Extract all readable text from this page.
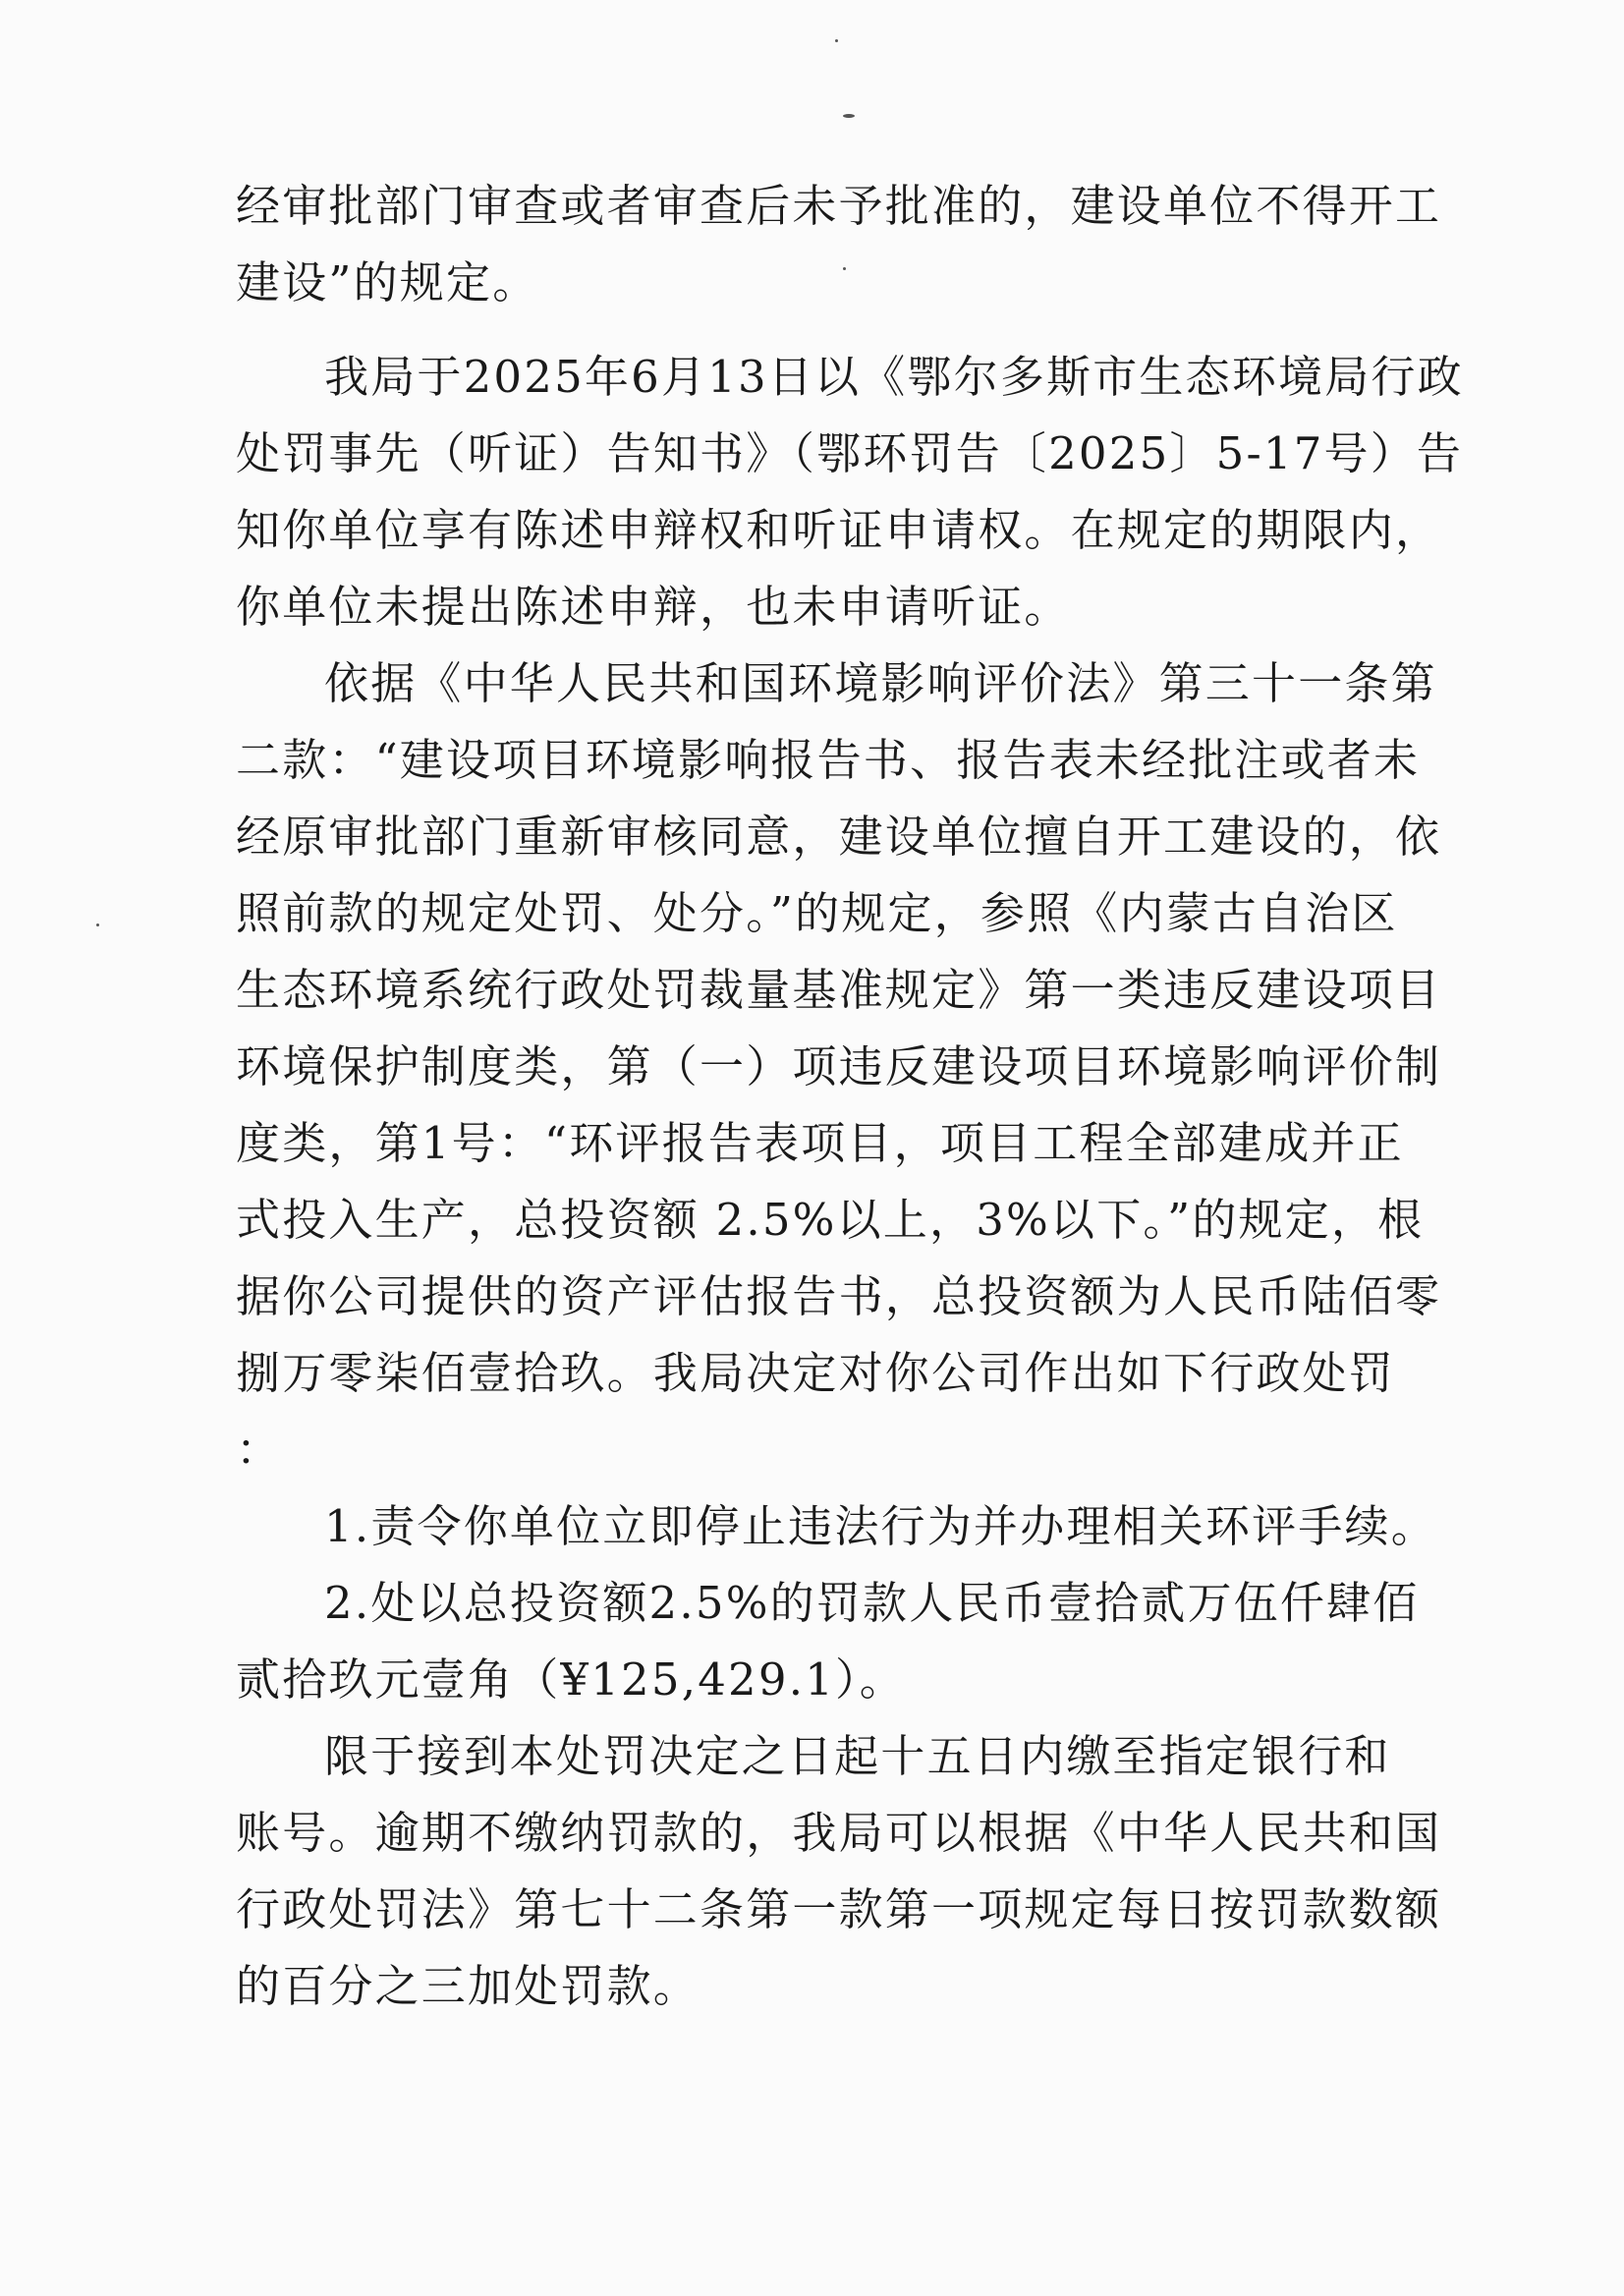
经审批部门审查或者审查后未予批准的，建设单位不得开工
建设”的规定。
我局于2025年6月13日以《鄂尔多斯市生态环境局行政
处罚事先（听证）告知书》（鄂环罚告〔2025〕5-17号）告
知你单位享有陈述申辩权和听证申请权。在规定的期限内，
你单位未提出陈述申辩，也未申请听证。
依据《中华人民共和国环境影响评价法》第三十一条第
二款：“建设项目环境影响报告书、报告表未经批注或者未
经原审批部门重新审核同意，建设单位擅自开工建设的，依
照前款的规定处罚、处分。”的规定，参照《内蒙古自治区
生态环境系统行政处罚裁量基准规定》第一类违反建设项目
环境保护制度类，第（一）项违反建设项目环境影响评价制
度类，第1号：“环评报告表项目，项目工程全部建成并正
式投入生产，总投资额 2.5%以上，3%以下。”的规定，根
据你公司提供的资产评估报告书，总投资额为人民币陆佰零
捌万零柒佰壹拾玖。我局决定对你公司作出如下行政处罚
：
1.责令你单位立即停止违法行为并办理相关环评手续。
2.处以总投资额2.5%的罚款人民币壹拾贰万伍仟肆佰
贰拾玖元壹角（¥125,429.1）。
限于接到本处罚决定之日起十五日内缴至指定银行和
账号。逾期不缴纳罚款的，我局可以根据《中华人民共和国
行政处罚法》第七十二条第一款第一项规定每日按罚款数额
的百分之三加处罚款。
